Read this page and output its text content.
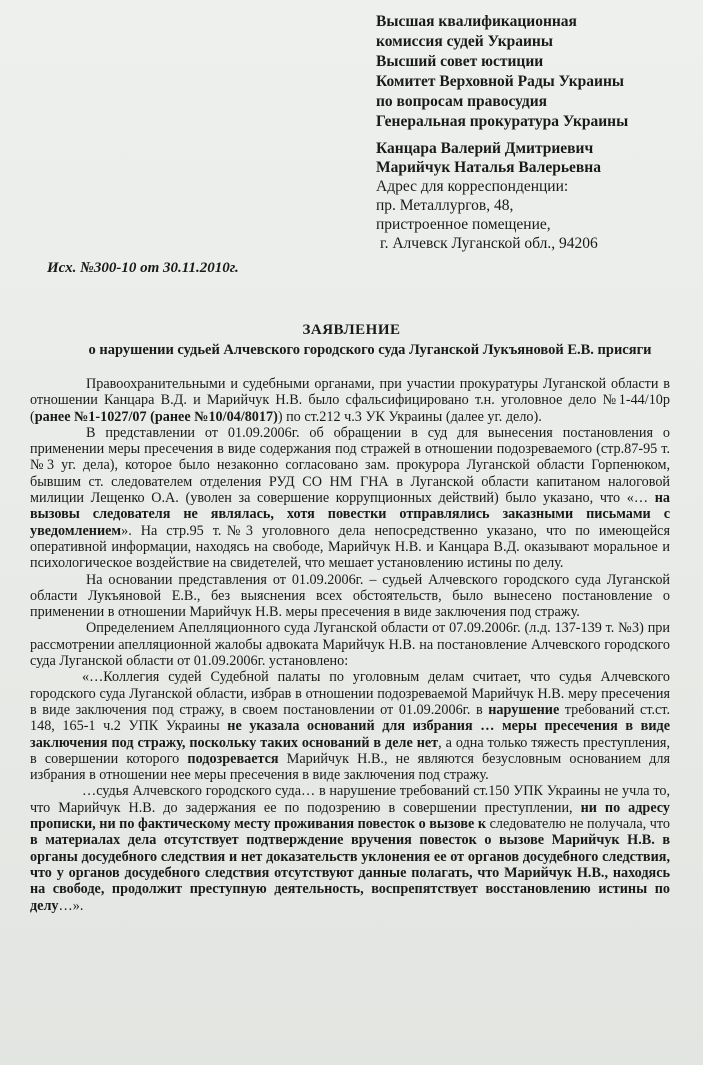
Высшая квалификационная
комиссия судей Украины
Высший совет юстиции
Комитет Верховной Рады Украины
по вопросам правосудия
Генеральная прокуратура Украины
Канцара Валерий Дмитриевич
Марийчук Наталья Валерьевна
Адрес для корреспонденции:
пр. Металлургов, 48,
пристроенное помещение,
г. Алчевск Луганской обл., 94206
Исх. №300-10 от 30.11.2010г.
ЗАЯВЛЕНИЕ
о нарушении судьей Алчевского городского суда Луганской Лукъяновой Е.В. присяги

Правоохранительными и судебными органами, при участии прокуратуры Луганской области в отношении Канцара В.Д. и Марийчук Н.В. было сфальсифицировано т.н. уголовное дело №1-44/10р (ранее №1-1027/07 (ранее №10/04/8017)) по ст.212 ч.3 УК Украины (далее уг. дело).

В представлении от 01.09.2006г. об обращении в суд для вынесения постановления о применении меры пресечения в виде содержания под стражей в отношении подозреваемого (стр.87-95 т.№3 уг. дела), которое было незаконно согласовано зам. прокурора Луганской области Горпенюком, бывшим ст. следователем отделения РУД СО НМ ГНА в Луганской области капитаном налоговой милиции Лещенко О.А. (уволен за совершение коррупционных действий) было указано, что «… на вызовы следователя не являлась, хотя повестки отправлялись заказными письмами с уведомлением». На стр.95 т.№3 уголовного дела непосредственно указано, что по имеющейся оперативной информации, находясь на свободе, Марийчук Н.В. и Канцара В.Д. оказывают моральное и психологическое воздействие на свидетелей, что мешает установлению истины по делу.

На основании представления от 01.09.2006г. – судьей Алчевского городского суда Луганской области Лукъяновой Е.В., без выяснения всех обстоятельств, было вынесено постановление о применении в отношении Марийчук Н.В. меры пресечения в виде заключения под стражу.

Определением Апелляционного суда Луганской области от 07.09.2006г. (л.д. 137-139 т. №3) при рассмотрении апелляционной жалобы адвоката Марийчук Н.В. на постановление Алчевского городского суда Луганской области от 01.09.2006г. установлено:

«…Коллегия судей Судебной палаты по уголовным делам считает, что судья Алчевского городского суда Луганской области, избрав в отношении подозреваемой Марийчук Н.В. меру пресечения в виде заключения под стражу, в своем постановлении от 01.09.2006г. в нарушение требований ст.ст. 148, 165-1 ч.2 УПК Украины не указала оснований для избрания … меры пресечения в виде заключения под стражу, поскольку таких оснований в деле нет, а одна только тяжесть преступления, в совершении которого подозревается Марийчук Н.В., не являются безусловным основанием для избрания в отношении нее меры пресечения в виде заключения под стражу.

…судья Алчевского городского суда… в нарушение требований ст.150 УПК Украины не учла то, что Марийчук Н.В. до задержания ее по подозрению в совершении преступлении, ни по адресу прописки, ни по фактическому месту проживания повесток о вызове к следователю не получала, что в материалах дела отсутствует подтверждение вручения повесток о вызове Марийчук Н.В. в органы досудебного следствия и нет доказательств уклонения ее от органов досудебного следствия, что у органов досудебного следствия отсутствуют данные полагать, что Марийчук Н.В., находясь на свободе, продолжит преступную деятельность, воспрепятствует восстановлению истины по делу…».
